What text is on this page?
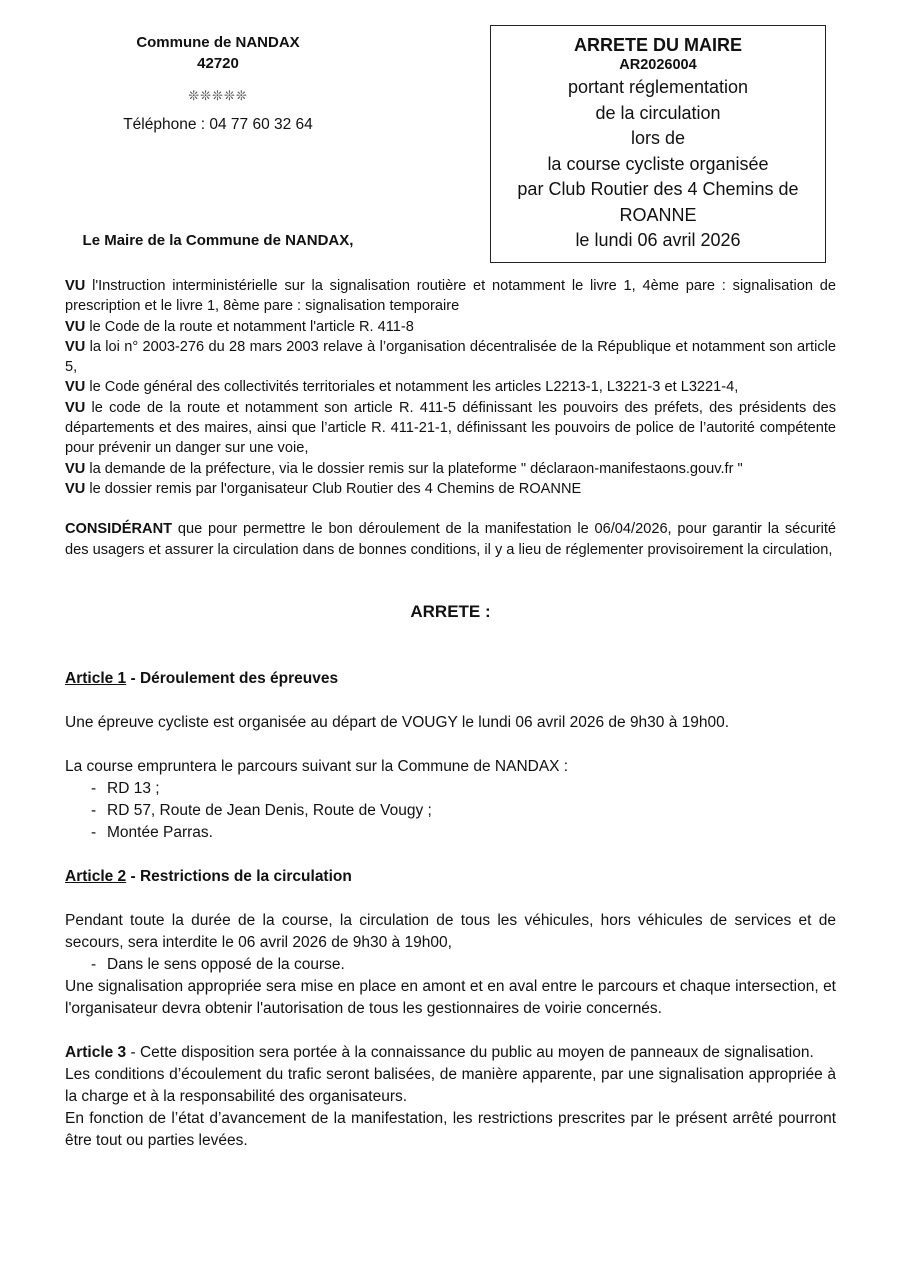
Commune de NANDAX
42720
❊❊❊❊❊
Téléphone : 04 77 60 32 64
Le Maire de la Commune de NANDAX,
ARRETE DU MAIRE
AR2026004
portant réglementation
de la circulation
lors de
la course cycliste organisée
par Club Routier des 4 Chemins de
ROANNE
le lundi 06 avril 2026

VU l'Instruction interministérielle sur la signalisation routière et notamment le livre 1, 4ème pare : signalisation de prescription et le livre 1, 8ème pare : signalisation temporaire

VU le Code de la route et notamment l'article R. 411-8

VU la loi n° 2003-276 du 28 mars 2003 relave à l’organisation décentralisée de la République et notamment son article 5,

VU le Code général des collectivités territoriales et notamment les articles L2213-1, L3221-3 et L3221-4,

VU le code de la route et notamment son article R. 411-5 définissant les pouvoirs des préfets, des présidents des départements et des maires, ainsi que l’article R. 411-21-1, définissant les pouvoirs de police de l’autorité compétente pour prévenir un danger sur une voie,

VU la demande de la préfecture, via le dossier remis sur la plateforme " déclaraon-manifestaons.gouv.fr "

VU le dossier remis par l'organisateur Club Routier des 4 Chemins de ROANNE

CONSIDÉRANT que pour permettre le bon déroulement de la manifestation le 06/04/2026, pour garantir la sécurité des usagers et assurer la circulation dans de bonnes conditions, il y a lieu de réglementer provisoirement la circulation,

ARRETE :

Article 1 - Déroulement des épreuves

Une épreuve cycliste est organisée au départ de VOUGY le lundi 06 avril 2026 de 9h30 à 19h00.

La course empruntera le parcours suivant sur la Commune de NANDAX :

- RD 13 ;
- RD 57, Route de Jean Denis, Route de Vougy ;
- Montée Parras.

Article 2 - Restrictions de la circulation

Pendant toute la durée de la course, la circulation de tous les véhicules, hors véhicules de services et de secours, sera interdite le 06 avril 2026 de 9h30 à 19h00,

- Dans le sens opposé de la course.

Une signalisation appropriée sera mise en place en amont et en aval entre le parcours et chaque intersection, et l'organisateur devra obtenir l'autorisation de tous les gestionnaires de voirie concernés.

Article 3 - Cette disposition sera portée à la connaissance du public au moyen de panneaux de signalisation.

Les conditions d’écoulement du trafic seront balisées, de manière apparente, par une signalisation appropriée à la charge et à la responsabilité des organisateurs.

En fonction de l’état d’avancement de la manifestation, les restrictions prescrites par le présent arrêté pourront être tout ou parties levées.
